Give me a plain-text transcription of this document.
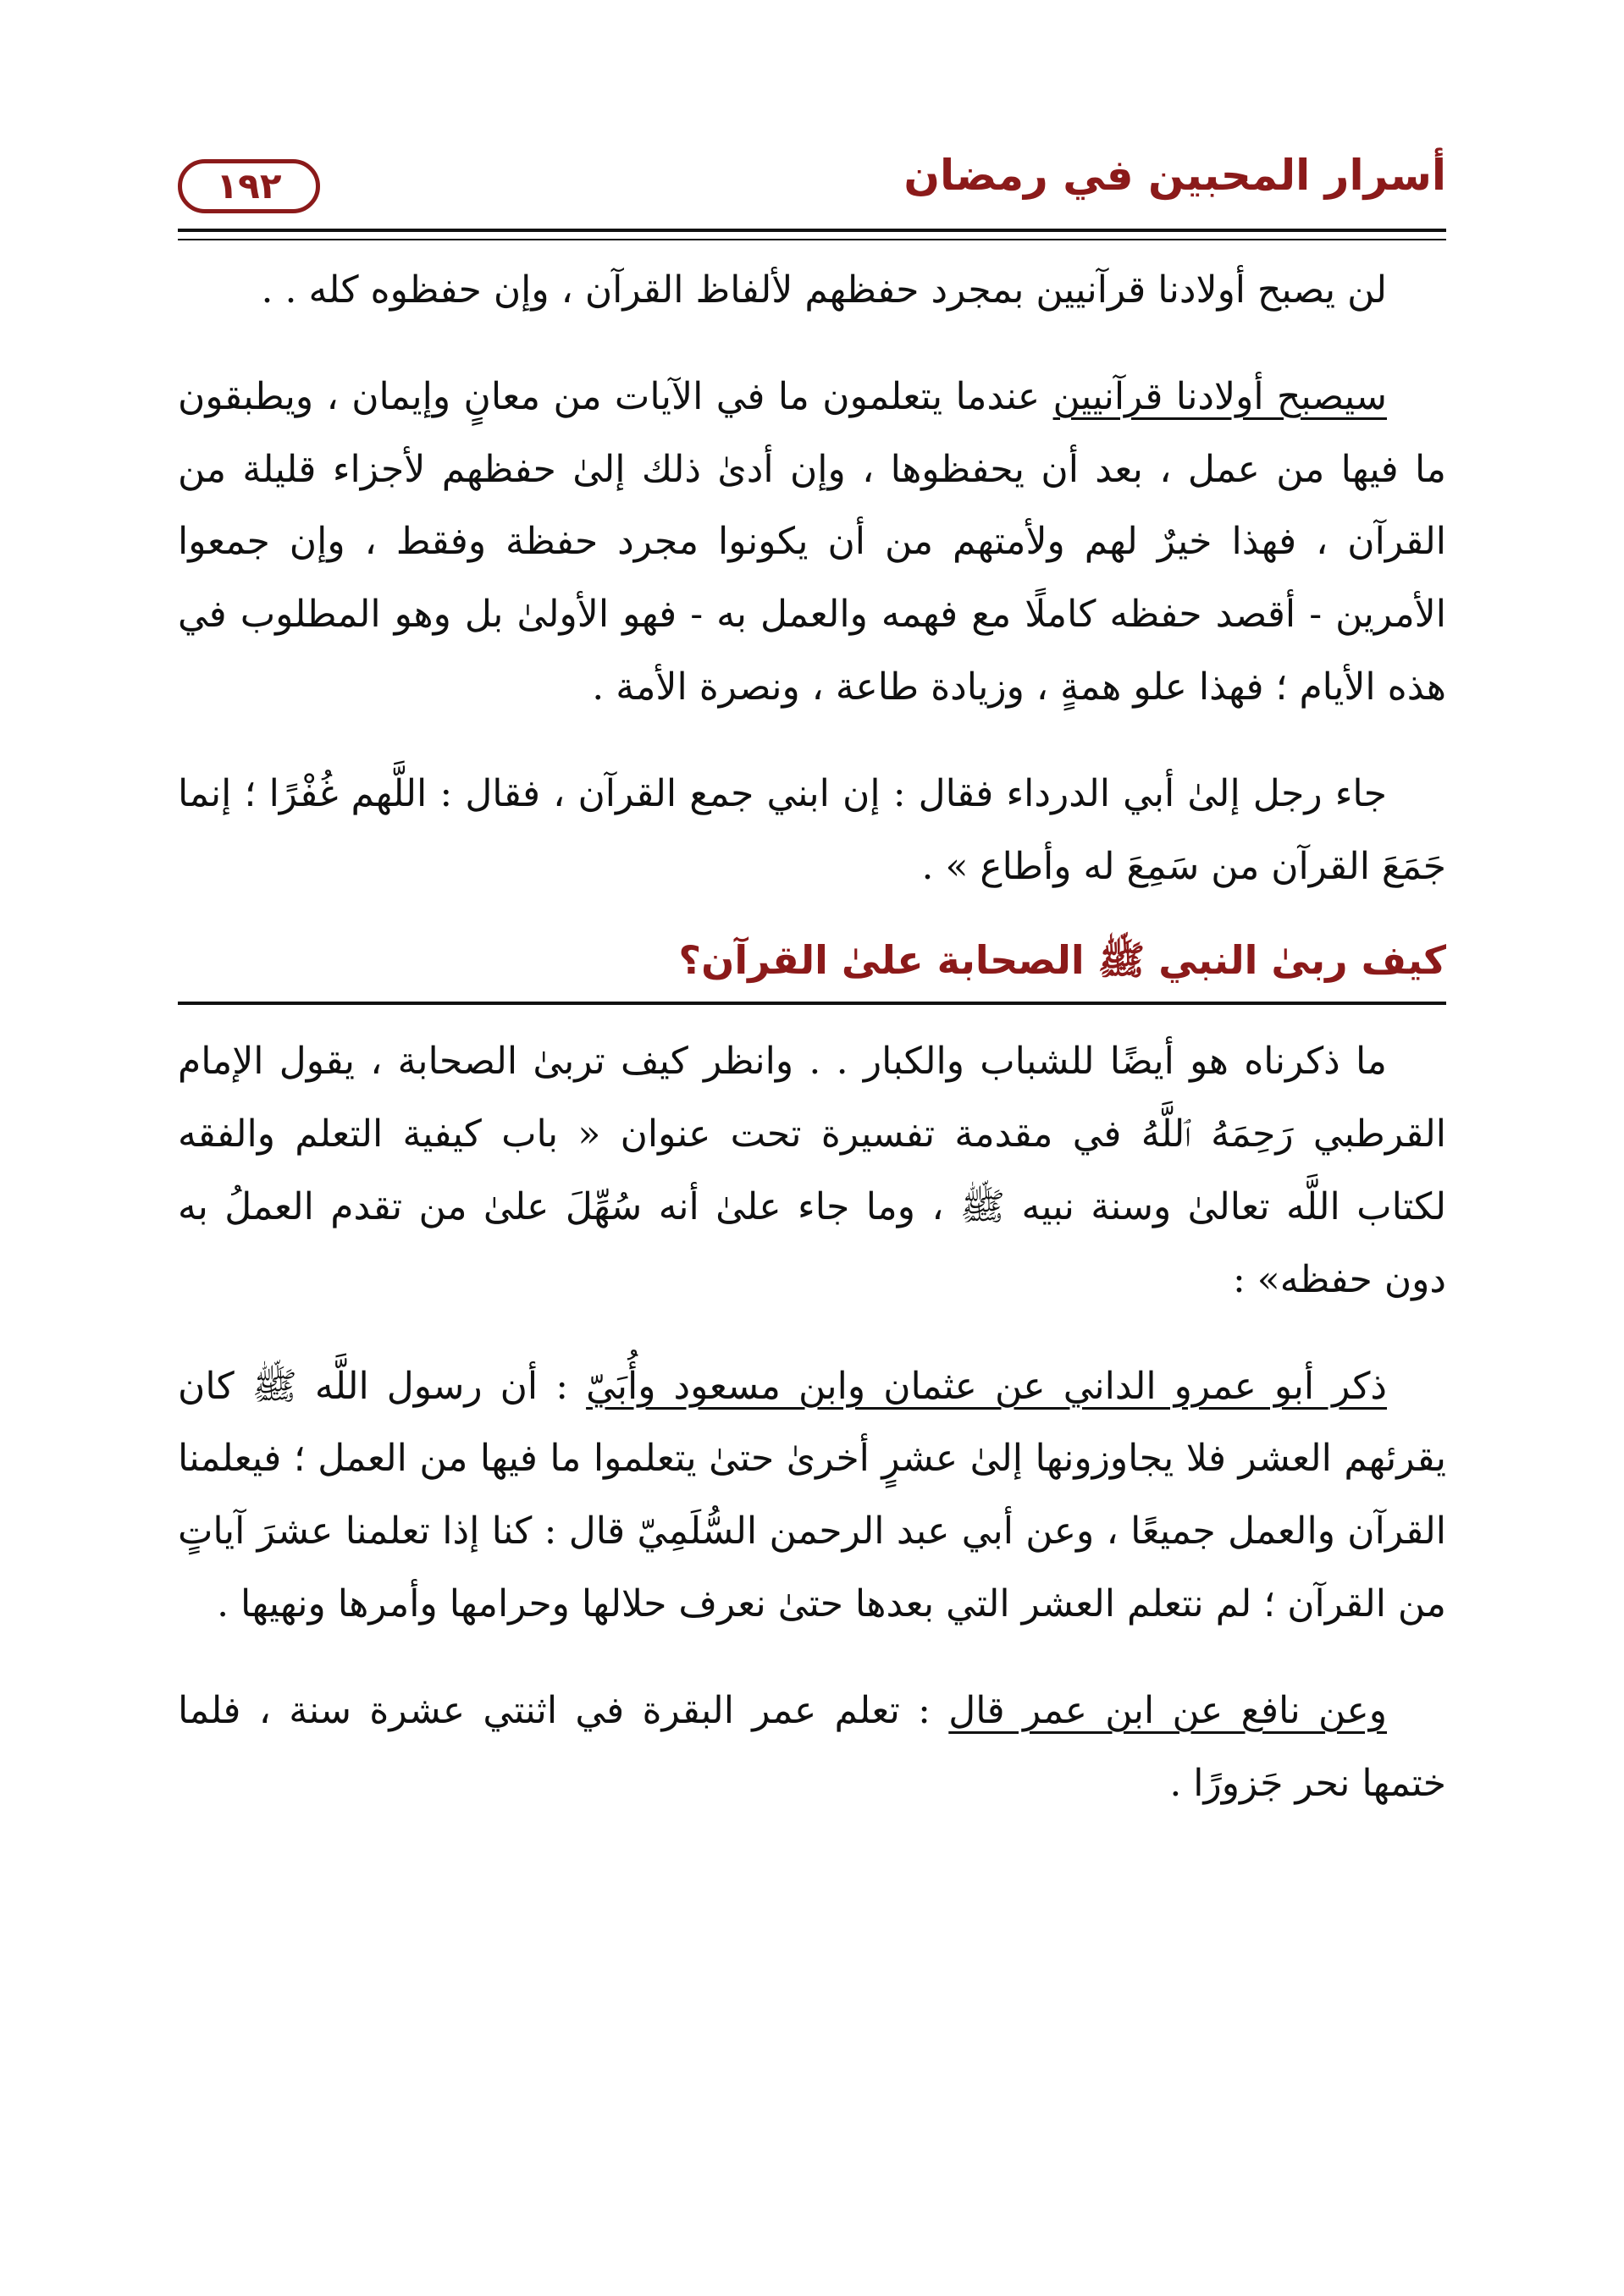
١٩٢	أسرار المحبين في رمضان

لن يصبح أولادنا قرآنيين بمجرد حفظهم لألفاظ القرآن ، وإن حفظوه كله . .

سيصبح أولادنا قرآنيين عندما يتعلمون ما في الآيات من معانٍ وإيمان ، ويطبقون ما فيها من عمل ، بعد أن يحفظوها ، وإن أدىٰ ذلك إلىٰ حفظهم لأجزاء قليلة من القرآن ، فهذا خيرٌ لهم ولأمتهم من أن يكونوا مجرد حفظة وفقط ، وإن جمعوا الأمرين - أقصد حفظه كاملًا مع فهمه والعمل به - فهو الأولىٰ بل وهو المطلوب في هذه الأيام ؛ فهذا علو همةٍ ، وزيادة طاعة ، ونصرة الأمة .

جاء رجل إلىٰ أبي الدرداء فقال : إن ابني جمع القرآن ، فقال : اللَّهم غُفْرًا ؛ إنما جَمَعَ القرآن من سَمِعَ له وأطاع » .

كيف ربىٰ النبي ﷺ الصحابة علىٰ القرآن؟

ما ذكرناه هو أيضًا للشباب والكبار . . وانظر كيف تربىٰ الصحابة ، يقول الإمام القرطبي رَحِمَهُ ٱللَّهُ في مقدمة تفسيرة تحت عنوان « باب كيفية التعلم والفقه لكتاب اللَّه تعالىٰ وسنة نبيه ﷺ ، وما جاء علىٰ أنه سُهِّلَ علىٰ من تقدم العملُ به دون حفظه» :

ذكر أبو عمرو الداني عن عثمان وابن مسعود وأُبَيّ : أن رسول اللَّه ﷺ كان يقرئهم العشر فلا يجاوزونها إلىٰ عشرٍ أخرىٰ حتىٰ يتعلموا ما فيها من العمل ؛ فيعلمنا القرآن والعمل جميعًا ، وعن أبي عبد الرحمن السُّلَمِيّ قال : كنا إذا تعلمنا عشرَ آياتٍ من القرآن ؛ لم نتعلم العشر التي بعدها حتىٰ نعرف حلالها وحرامها وأمرها ونهيها .

وعن نافع عن ابن عمر قال : تعلم عمر البقرة في اثنتي عشرة سنة ، فلما ختمها نحر جَزورًا .
